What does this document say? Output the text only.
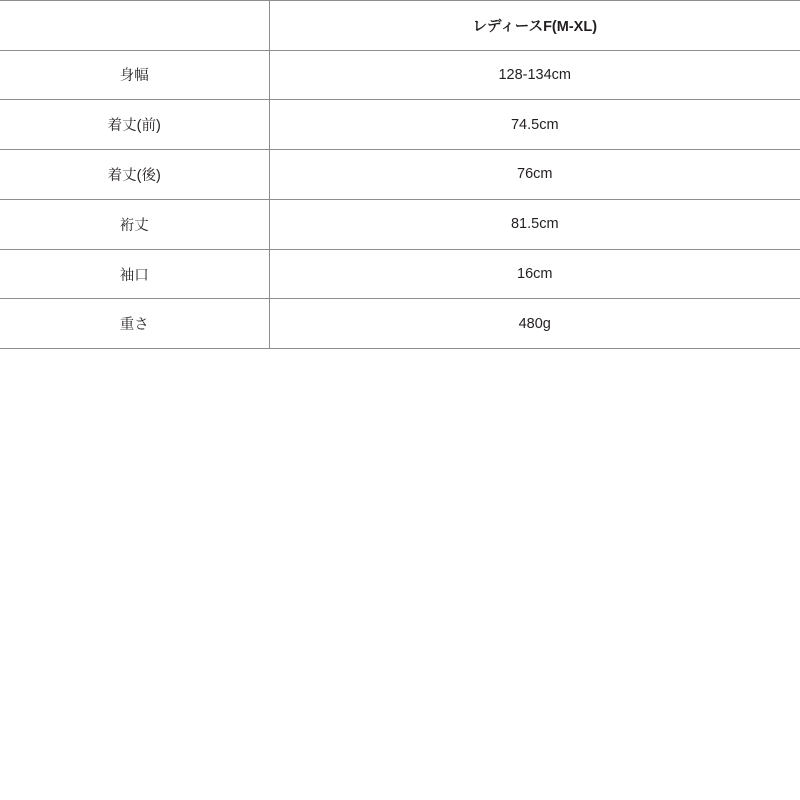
	レディースF(M-XL)
身幅	128-134cm
着丈(前)	74.5cm
着丈(後)	76cm
裄丈	81.5cm
袖口	16cm
重さ	480g
